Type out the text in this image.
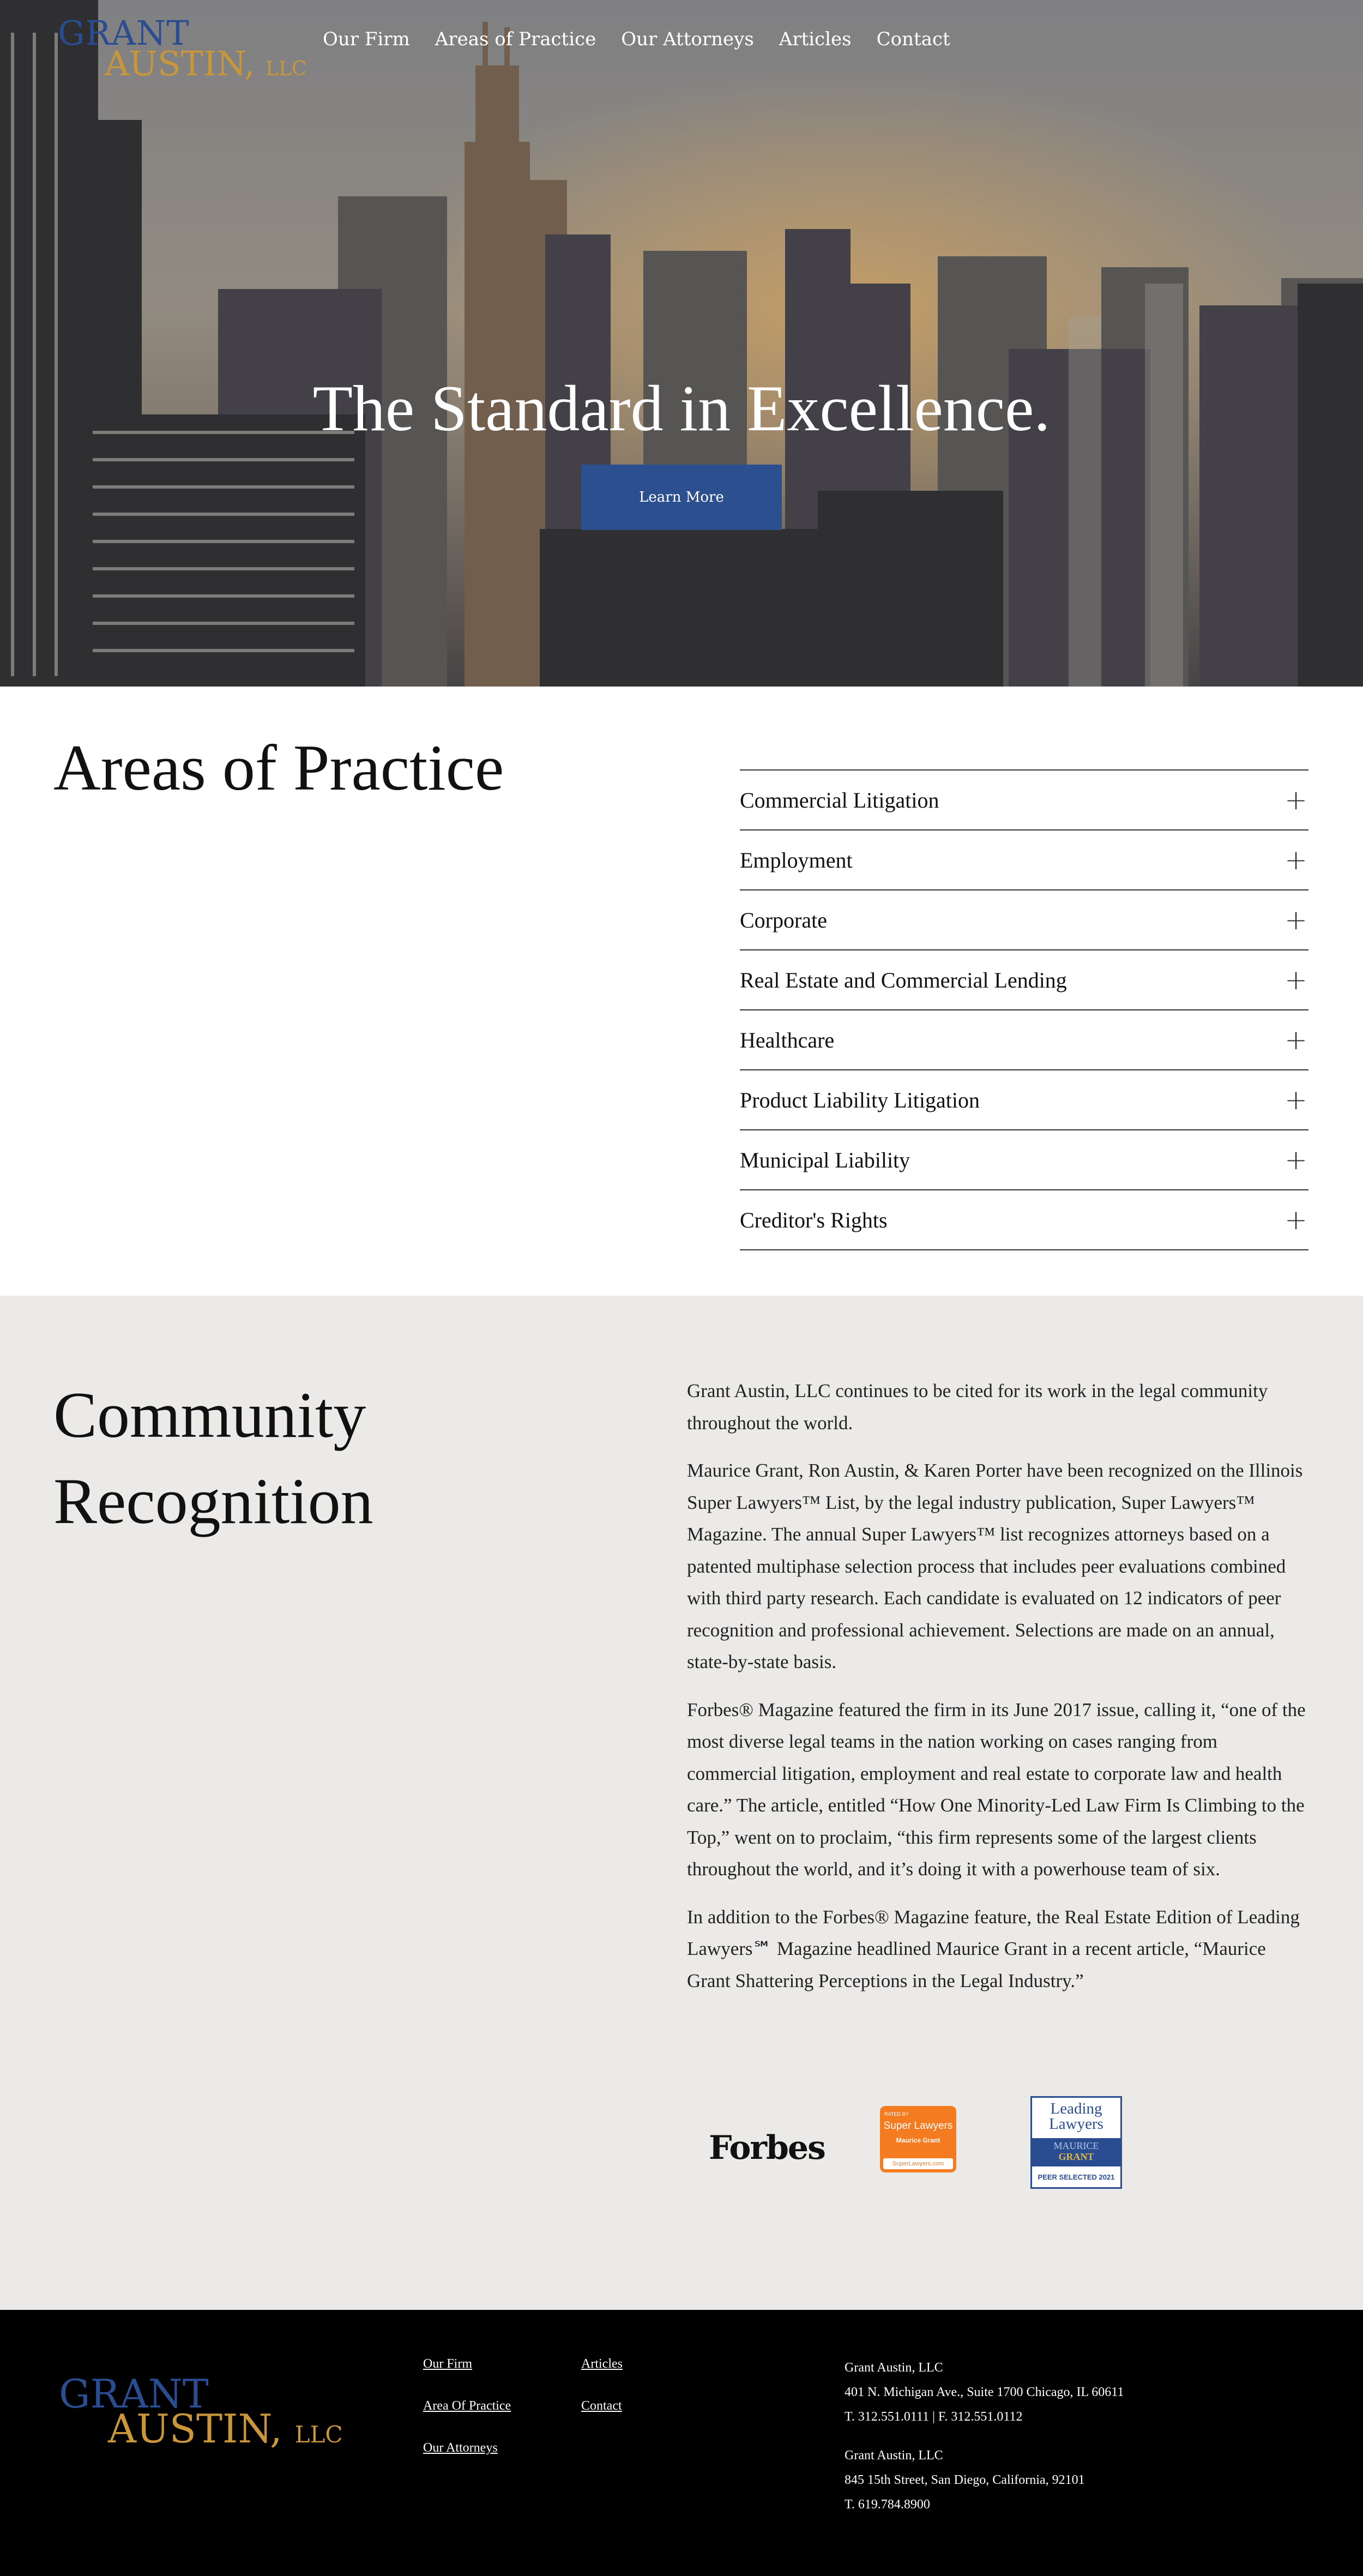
GRANT
AUSTIN, LLC
Our Firm Areas of Practice Our Attorneys Articles Contact
The Standard in Excellence.
Learn More
Areas of Practice	Commercial Litigation	+
Employment	+
Corporate	+
Real Estate and Commercial Lending	+
Healthcare	+
Product Liability Litigation	+
Municipal Liability	+
Creditor's Rights	+
Community
Recognition

Grant Austin, LLC continues to be cited for its work in the legal community throughout the world.

Maurice Grant, Ron Austin, & Karen Porter have been recognized on the Illinois Super Lawyers™ List, by the legal industry publication, Super Lawyers™ Magazine. The annual Super Lawyers™ list recognizes attorneys based on a patented multiphase selection process that includes peer evaluations combined with third party research. Each candidate is evaluated on 12 indicators of peer recognition and professional achievement. Selections are made on an annual, state-by-state basis.

Forbes® Magazine featured the firm in its June 2017 issue, calling it, “one of the most diverse legal teams in the nation working on cases ranging from commercial litigation, employment and real estate to corporate law and health care.” The article, entitled “How One Minority-Led Law Firm Is Climbing to the Top,” went on to proclaim, “this firm represents some of the largest clients throughout the world, and it’s doing it with a powerhouse team of six.

In addition to the Forbes® Magazine feature, the Real Estate Edition of Leading Lawyers℠ Magazine headlined Maurice Grant in a recent article, “Maurice Grant Shattering Perceptions in the Legal Industry.”

Forbes
RATED BY
Super Lawyers
Maurice Grant
SuperLawyers.com
Leading
Lawyers
MAURICE
GRANT
PEER SELECTED 2021
GRANT
AUSTIN, LLC
Our Firm
Area Of Practice
Our Attorneys
Articles
Contact
Grant Austin, LLC
401 N. Michigan Ave., Suite 1700 Chicago, IL 60611
T. 312.551.0111 | F. 312.551.0112
Grant Austin, LLC
845 15th Street, San Diego, California, 92101
T. 619.784.8900
